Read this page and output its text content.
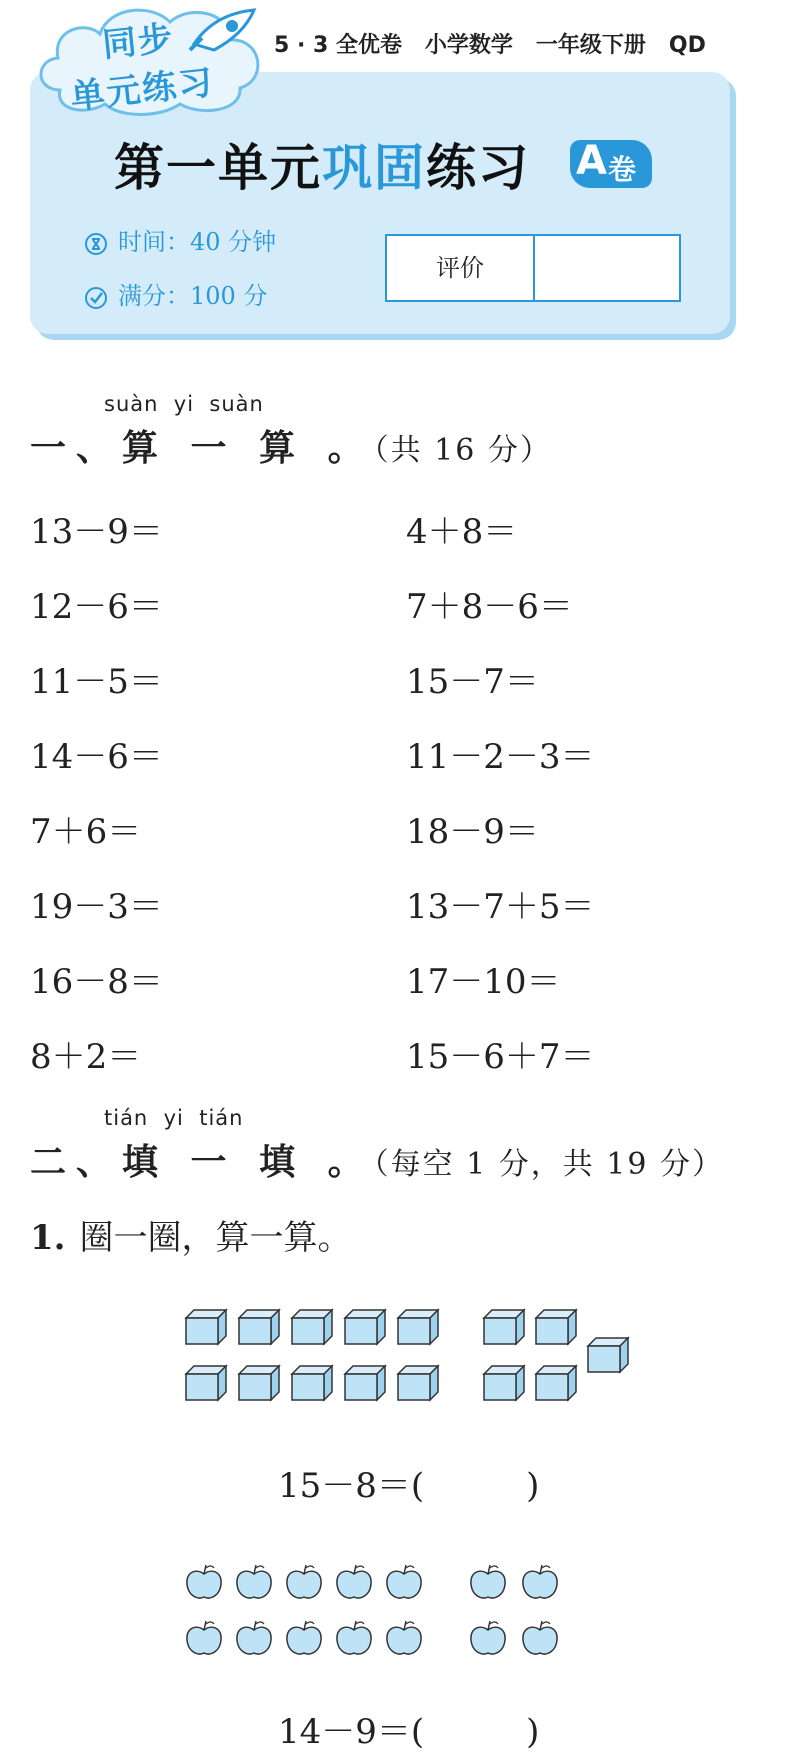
同步
单元练习
5 · 3 全优卷   小学数学   一年级下册   QD
第一单元巩固练习 A 卷
时间：40 分钟
满分：100 分
评价
suàn  yi  suàn
一、算 一 算 。（共 16 分）
13－9＝
12－6＝
11－5＝
14－6＝
7＋6＝
19－3＝
16－8＝
8＋2＝
4＋8＝
7＋8－6＝
15－7＝
11－2－3＝
18－9＝
13－7＋5＝
17－10＝
15－6＋7＝
tián  yi  tián
二、填 一 填 。（每空 1 分，共 19 分）
1. 圈一圈，算一算。
15－8＝(　　　)
14－9＝(　　　)
